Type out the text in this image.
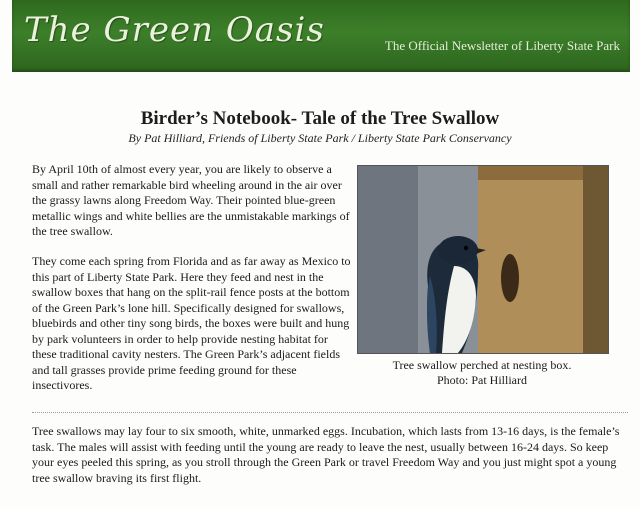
The Green Oasis	The Official Newsletter of Liberty State Park
Birder’s Notebook- Tale of the Tree Swallow
By Pat Hilliard, Friends of Liberty State Park / Liberty State Park Conservancy

By April 10th of almost every year, you are likely to observe a small and rather remarkable bird wheeling around in the air over the grassy lawns along Freedom Way. Their pointed blue-green metallic wings and white bellies are the unmistakable markings of the tree swallow.

They come each spring from Florida and as far away as Mexico to this part of Liberty State Park. Here they feed and nest in the swallow boxes that hang on the split-rail fence posts at the bottom of the Green Park’s lone hill. Specifically designed for swallows, bluebirds and other tiny song birds, the boxes were built and hung by park volunteers in order to help provide nesting habitat for these traditional cavity nesters. The Green Park’s adjacent fields and tall grasses provide prime feeding ground for these insectivores.

Tree swallow perched at nesting box.
Photo: Pat Hilliard

Tree swallows may lay four to six smooth, white, unmarked eggs. Incubation, which lasts from 13-16 days, is the female’s task. The males will assist with feeding until the young are ready to leave the nest, usually between 16-24 days. So keep your eyes peeled this spring, as you stroll through the Green Park or travel Freedom Way and you just might spot a young tree swallow braving its first flight.
